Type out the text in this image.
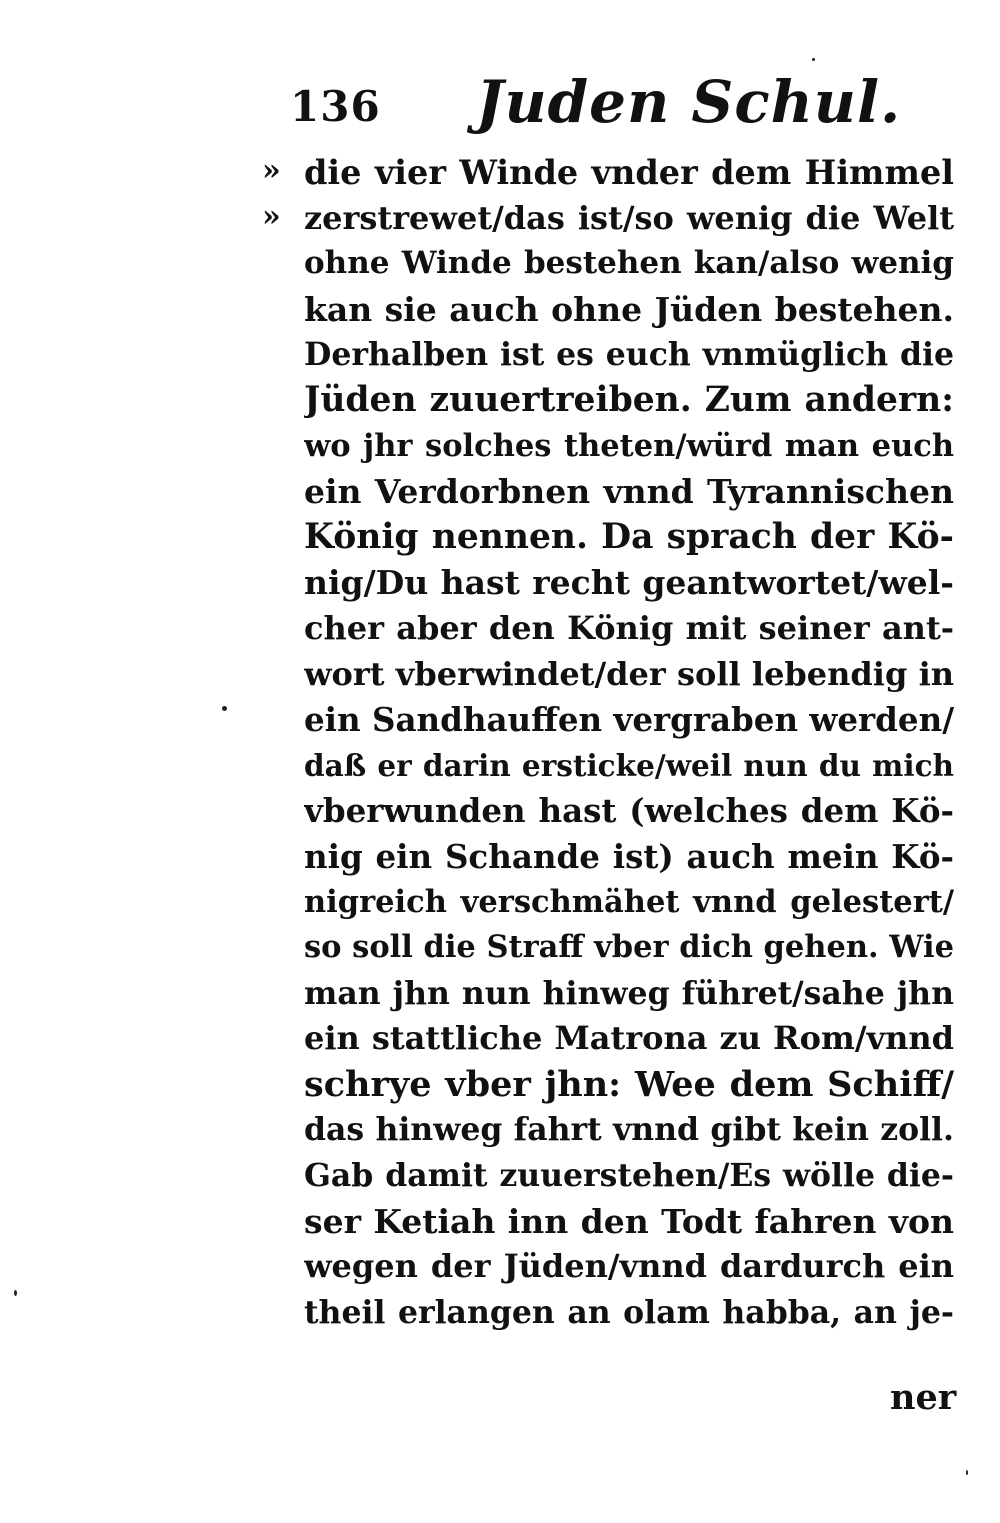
136 Juden Schul.
»
»
die vier Winde vnder dem Himmel
zerstrewet/das ist/so wenig die Welt
ohne Winde bestehen kan/also wenig
kan sie auch ohne Jüden bestehen.
Derhalben ist es euch vnmüglich die
Jüden zuuertreiben. Zum andern:
wo jhr solches theten/würd man euch
ein Verdorbnen vnnd Tyrannischen
König nennen. Da sprach der Kö-
nig/Du hast recht geantwortet/wel-
cher aber den König mit seiner ant-
wort vberwindet/der soll lebendig in
ein Sandhauffen vergraben werden/
daß er darin ersticke/weil nun du mich
vberwunden hast (welches dem Kö-
nig ein Schande ist) auch mein Kö-
nigreich verschmähet vnnd gelestert/
so soll die Straff vber dich gehen. Wie
man jhn nun hinweg führet/sahe jhn
ein stattliche Matrona zu Rom/vnnd
schrye vber jhn: Wee dem Schiff/
das hinweg fahrt vnnd gibt kein zoll.
Gab damit zuuerstehen/Es wölle die-
ser Ketiah inn den Todt fahren von
wegen der Jüden/vnnd dardurch ein
theil erlangen an olam habba, an je-
ner
